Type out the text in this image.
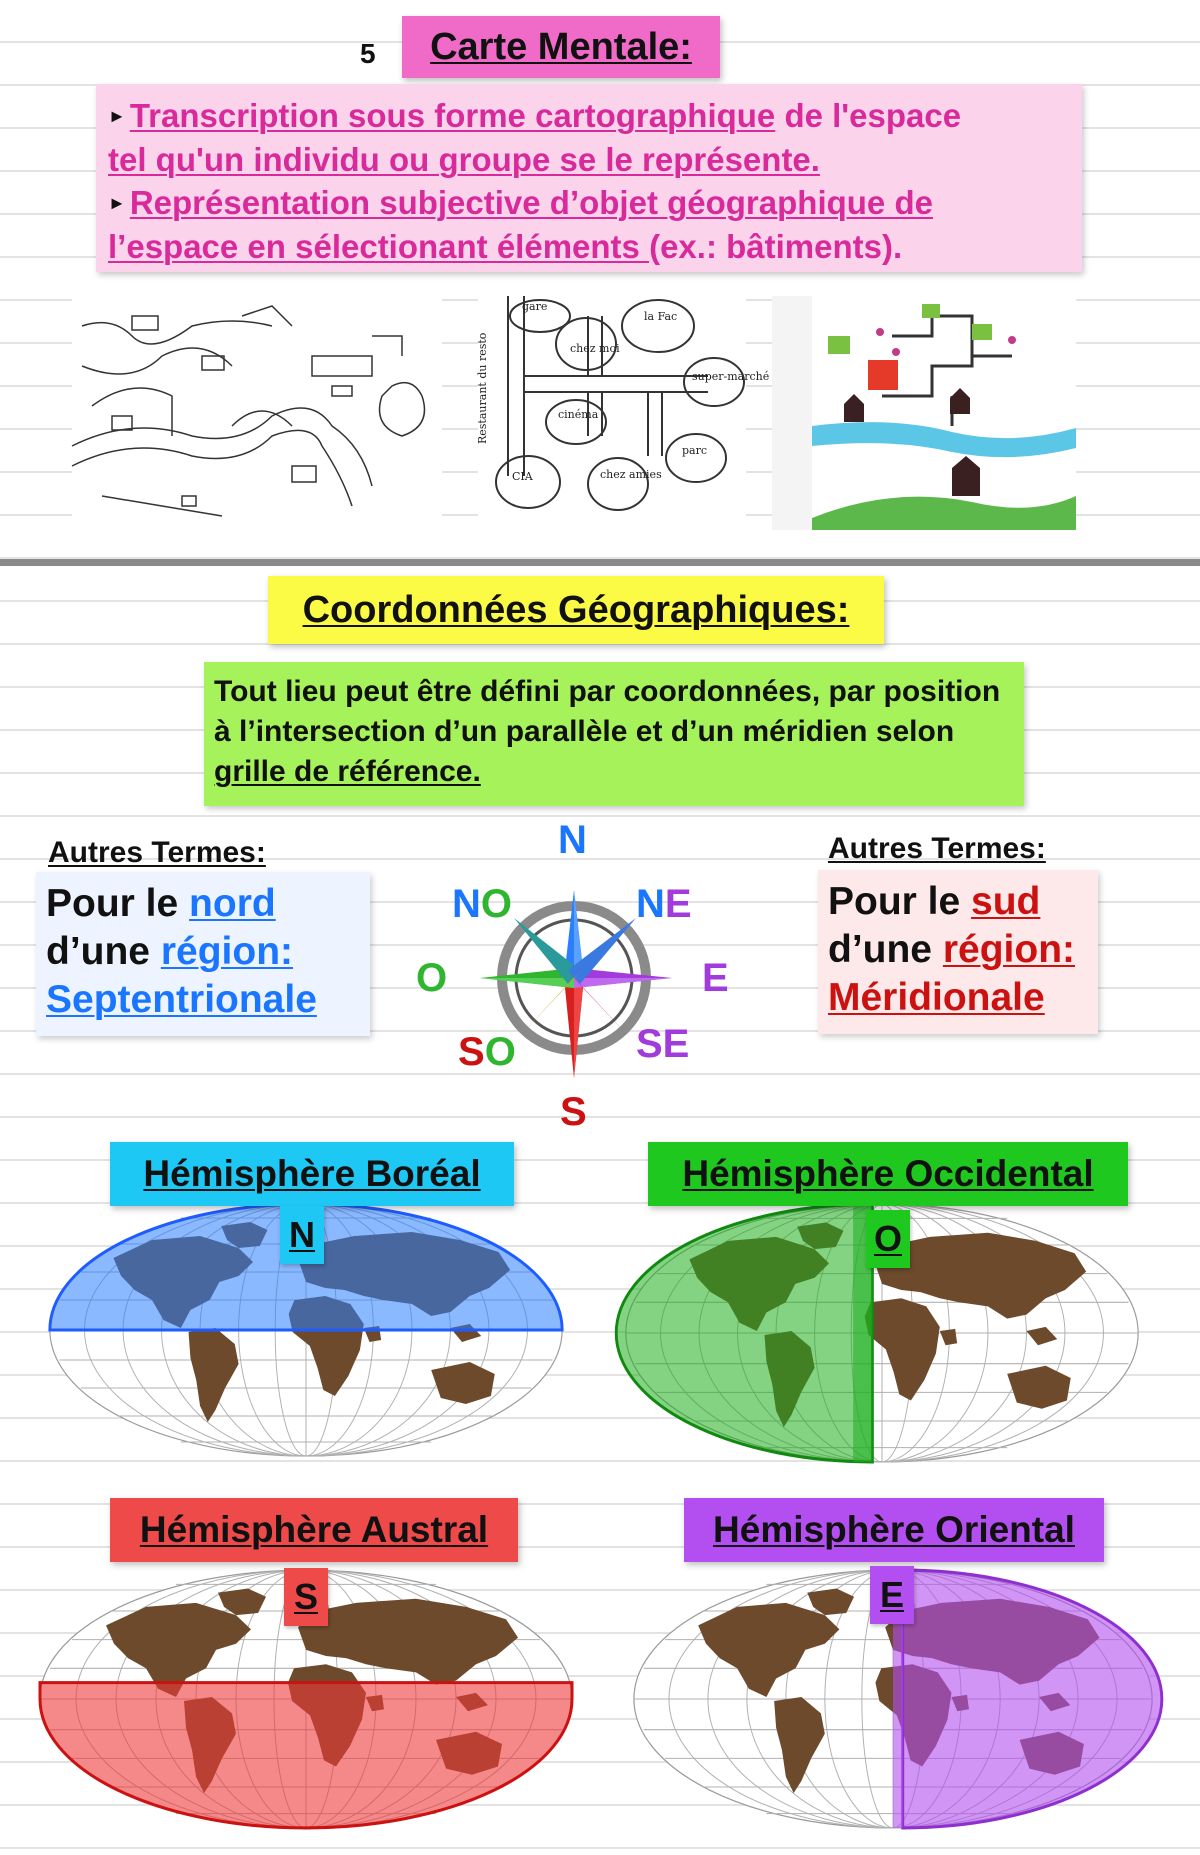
5	Carte Mentale:
► Transcription sous forme cartographique de l'espace
tel qu'un individu ou groupe se le représente.
► Représentation subjective d’objet géographique de
l’espace en sélectionant éléments (ex.: bâtiments).
gare
la Fac
chez moi
super-marché
Restaurant du resto	cinéma
parc
CIA	chez amies
Coordonnées Géographiques:
Tout lieu peut être défini par coordonnées, par position à l’intersection d’un parallèle et d’un méridien selon grille de référence.
Autres Termes:
Pour le nord
d’une région:
Septentrionale
Autres Termes:
Pour le sud
d’une région:
Méridionale
N
S
E
O
NO	NE
SO	SE
Hémisphère Boréal
N
Hémisphère Occidental
O
Hémisphère Austral
S
Hémisphère Oriental
E
